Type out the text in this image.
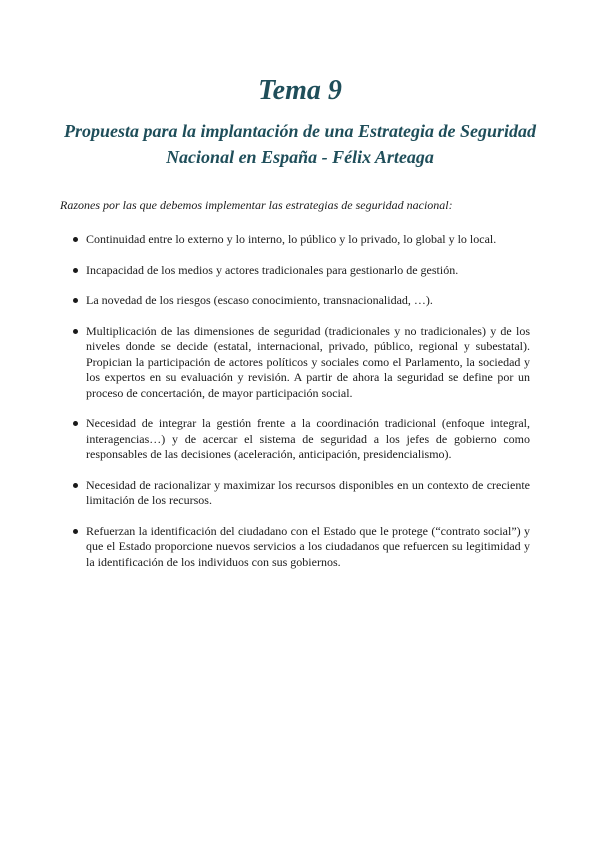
Tema 9
Propuesta para la implantación de una Estrategia de Seguridad Nacional en España - Félix Arteaga

Razones por las que debemos implementar las estrategias de seguridad nacional:

Continuidad entre lo externo y lo interno, lo público y lo privado, lo global y lo local.
Incapacidad de los medios y actores tradicionales para gestionarlo de gestión.
La novedad de los riesgos (escaso conocimiento, transnacionalidad, …).
Multiplicación de las dimensiones de seguridad (tradicionales y no tradicionales) y de los niveles donde se decide (estatal, internacional, privado, público, regional y subestatal). Propician la participación de actores políticos y sociales como el Parlamento, la sociedad y los expertos en su evaluación y revisión. A partir de ahora la seguridad se define por un proceso de concertación, de mayor participación social.
Necesidad de integrar la gestión frente a la coordinación tradicional (enfoque integral, interagencias…) y de acercar el sistema de seguridad a los jefes de gobierno como responsables de las decisiones (aceleración, anticipación, presidencialismo).
Necesidad de racionalizar y maximizar los recursos disponibles en un contexto de creciente limitación de los recursos.
Refuerzan la identificación del ciudadano con el Estado que le protege (“contrato social”) y que el Estado proporcione nuevos servicios a los ciudadanos que refuercen su legitimidad y la identificación de los individuos con sus gobiernos.
